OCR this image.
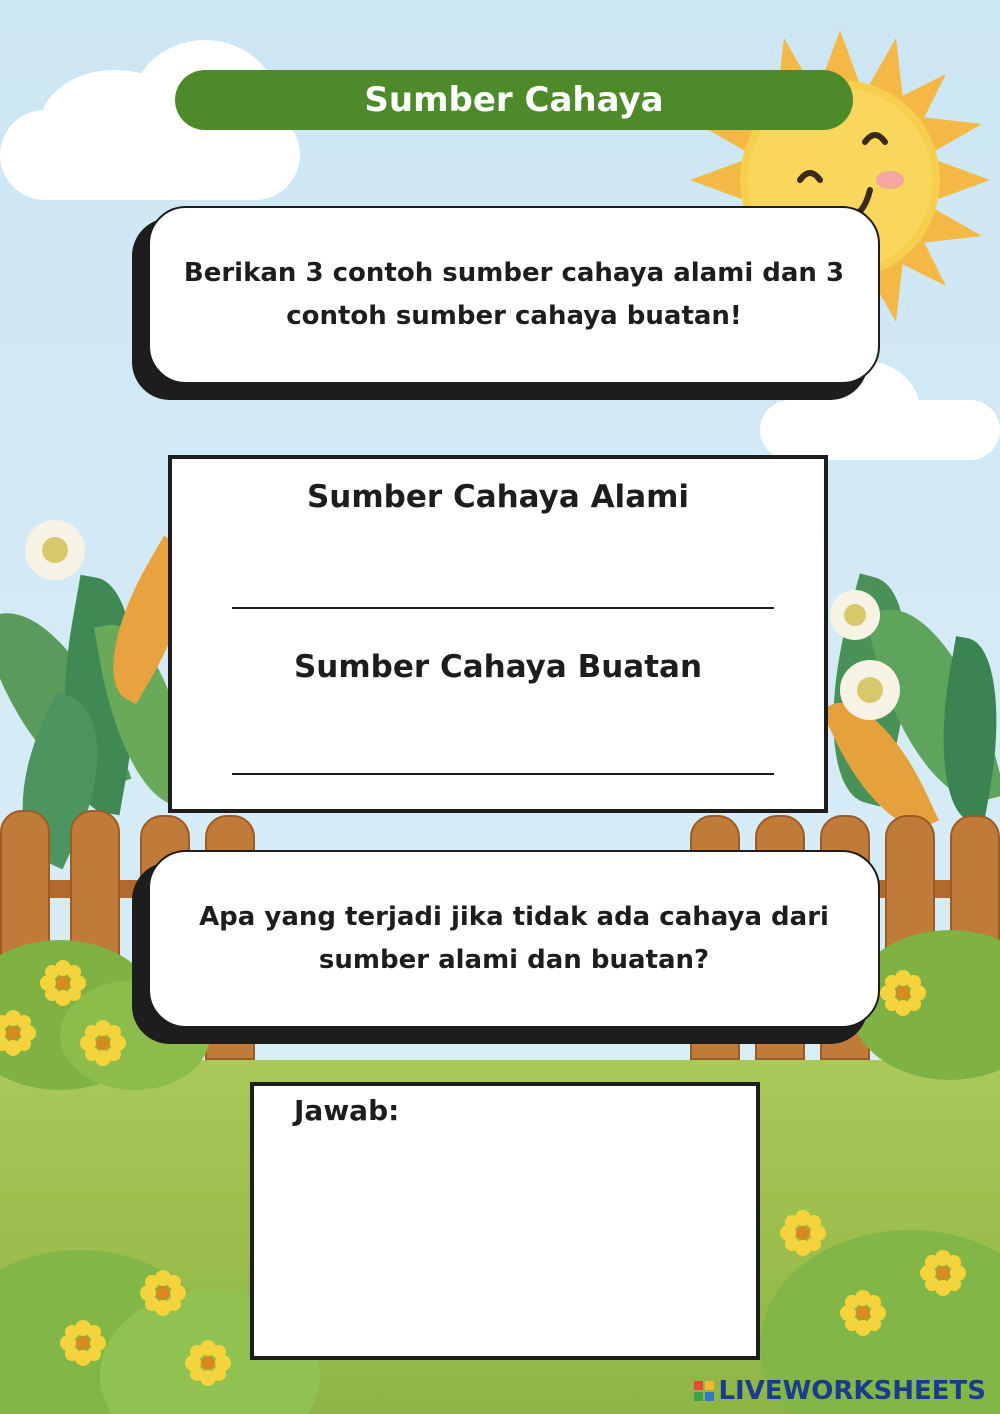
Sumber Cahaya
Berikan 3 contoh sumber cahaya alami dan 3 contoh sumber cahaya buatan!
Sumber Cahaya Alami
Sumber Cahaya Buatan
Apa yang terjadi jika tidak ada cahaya dari sumber alami dan buatan?
Jawab:
LIVEWORKSHEETS
